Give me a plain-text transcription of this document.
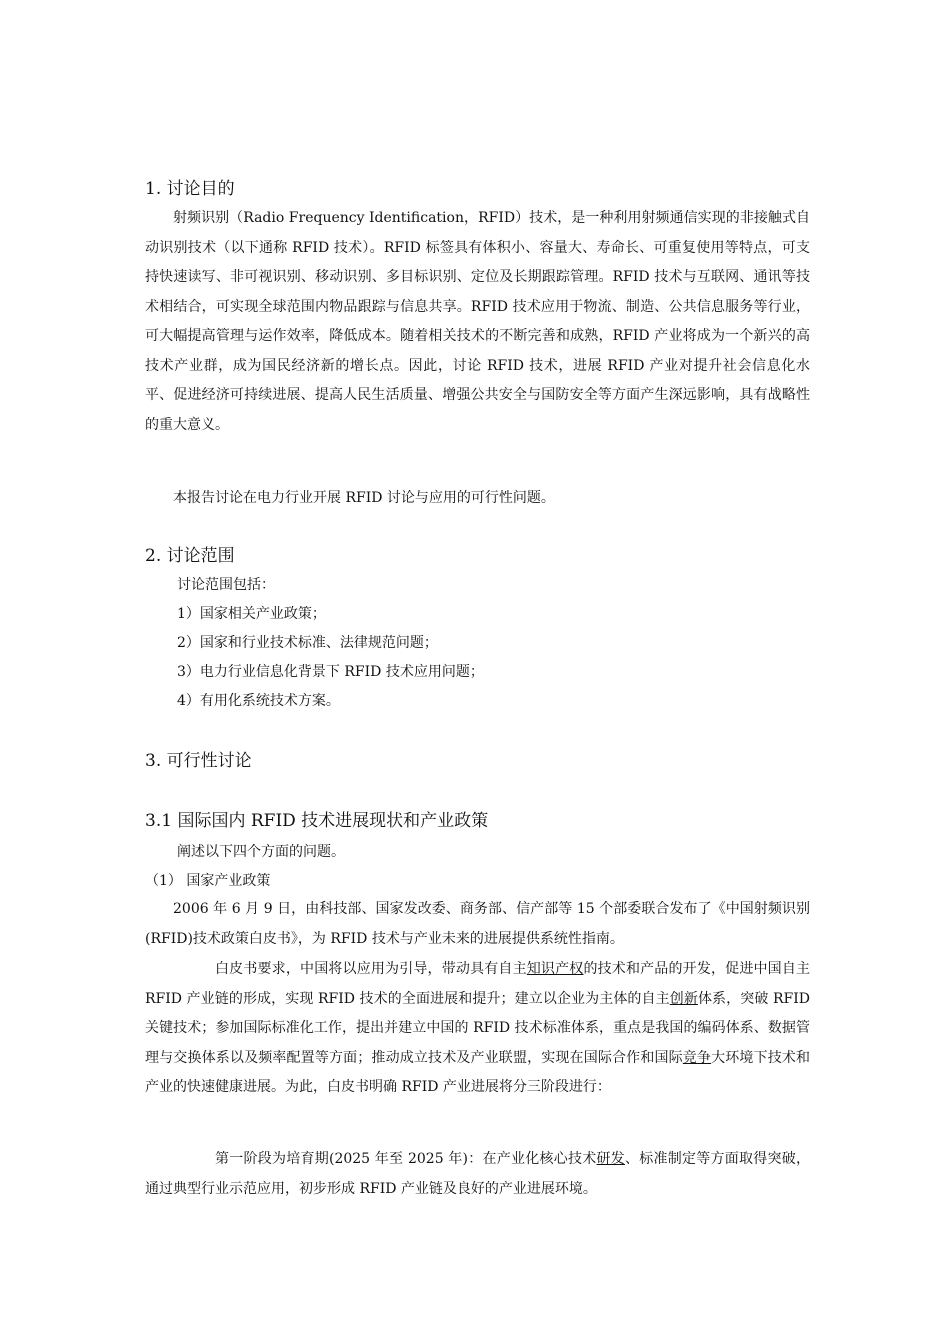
1. 讨论目的

射频识别（Radio Frequency Identification，RFID）技术，是一种利用射频通信实现的非接触式自动识别技术（以下通称 RFID 技术）。RFID 标签具有体积小、容量大、寿命长、可重复使用等特点，可支持快速读写、非可视识别、移动识别、多目标识别、定位及长期跟踪管理。RFID 技术与互联网、通讯等技术相结合，可实现全球范围内物品跟踪与信息共享。RFID 技术应用于物流、制造、公共信息服务等行业，可大幅提高管理与运作效率，降低成本。随着相关技术的不断完善和成熟，RFID 产业将成为一个新兴的高技术产业群，成为国民经济新的增长点。因此，讨论 RFID 技术，进展 RFID 产业对提升社会信息化水平、促进经济可持续进展、提高人民生活质量、增强公共安全与国防安全等方面产生深远影响，具有战略性的重大意义。

本报告讨论在电力行业开展 RFID 讨论与应用的可行性问题。

2. 讨论范围
讨论范围包括：
1）国家相关产业政策；
2）国家和行业技术标准、法律规范问题；
3）电力行业信息化背景下 RFID 技术应用问题；
4）有用化系统技术方案。
3. 可行性讨论
3.1 国际国内 RFID 技术进展现状和产业政策
阐述以下四个方面的问题。
（1） 国家产业政策

2006 年 6 月 9 日，由科技部、国家发改委、商务部、信产部等 15 个部委联合发布了《中国射频识别(RFID)技术政策白皮书》，为 RFID 技术与产业未来的进展提供系统性指南。

白皮书要求，中国将以应用为引导，带动具有自主知识产权的技术和产品的开发，促进中国自主 RFID 产业链的形成，实现 RFID 技术的全面进展和提升；建立以企业为主体的自主创新体系，突破 RFID 关键技术；参加国际标准化工作，提出并建立中国的 RFID 技术标准体系，重点是我国的编码体系、数据管理与交换体系以及频率配置等方面；推动成立技术及产业联盟，实现在国际合作和国际竞争大环境下技术和产业的快速健康进展。为此，白皮书明确 RFID 产业进展将分三阶段进行：

第一阶段为培育期(2025 年至 2025 年)：在产业化核心技术研发、标准制定等方面取得突破，通过典型行业示范应用，初步形成 RFID 产业链及良好的产业进展环境。
